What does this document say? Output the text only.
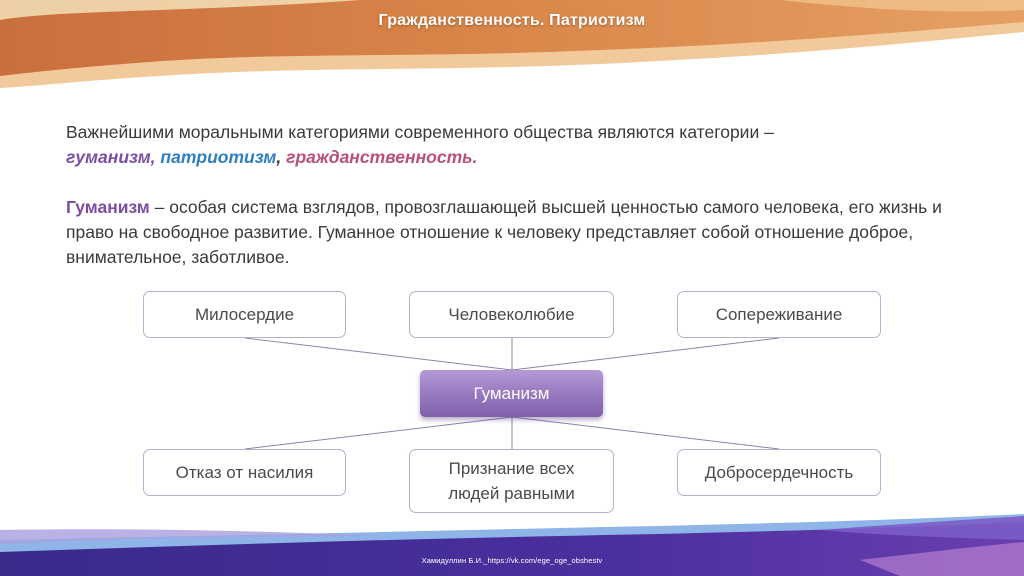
Гражданственность. Патриотизм
Важнейшими моральными категориями современного общества являются категории –
гуманизм, патриотизм, гражданственность.
Гуманизм – особая система взглядов, провозглашающей высшей ценностью самого человека, его жизнь и право на свободное развитие. Гуманное отношение к человеку представляет собой отношение доброе, внимательное, заботливое.
Милосердие	Человеколюбие	Сопереживание
Гуманизм
Отказ от насилия	Признание всех людей равными
Добросердечность
Хамидуллин Б.И._https://vk.com/ege_oge_obshestv
